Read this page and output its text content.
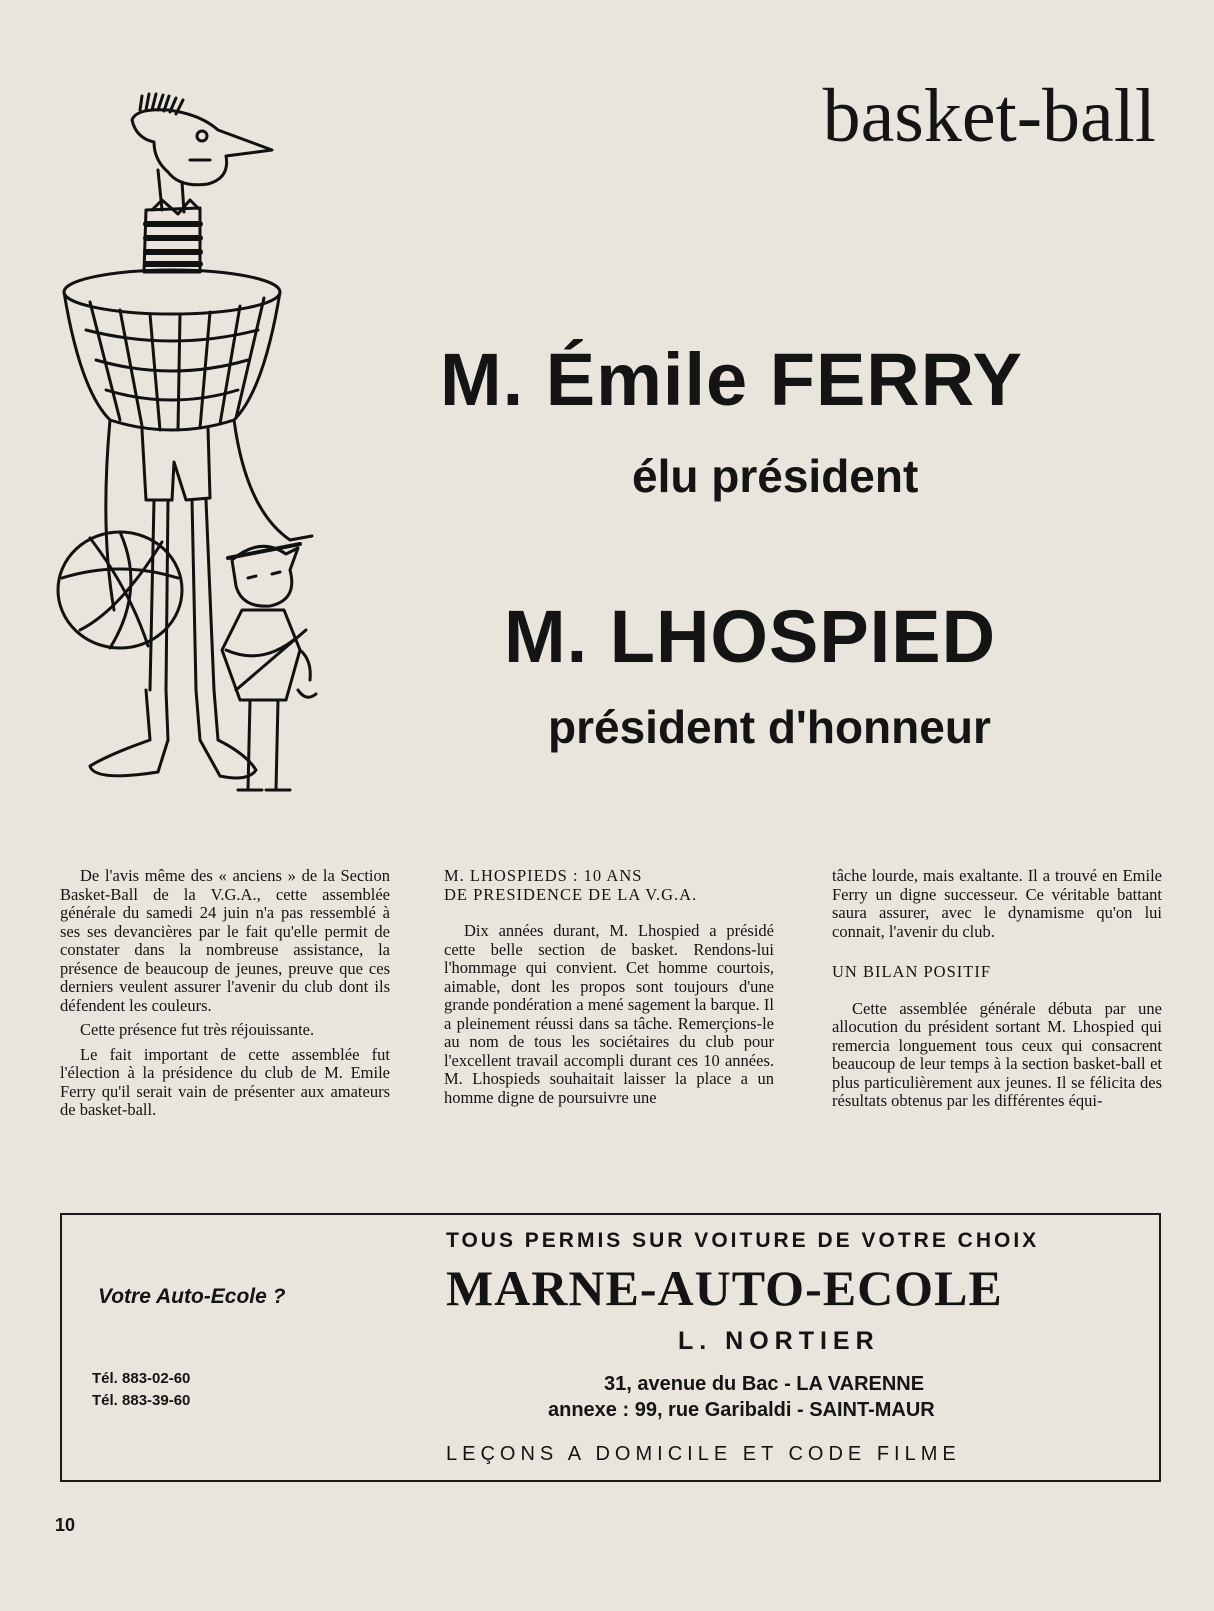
basket-ball
M. Émile FERRY
élu président
M. LHOSPIED
président d'honneur

De l'avis même des « anciens » de la Section Basket-Ball de la V.G.A., cette assemblée générale du samedi 24 juin n'a pas ressemblé à ses ses devancières par le fait qu'elle permit de constater dans la nombreuse assistance, la présence de beaucoup de jeunes, preuve que ces derniers veulent assurer l'avenir du club dont ils défendent les couleurs.

Cette présence fut très réjouissante.

Le fait important de cette assemblée fut l'élection à la présidence du club de M. Emile Ferry qu'il serait vain de présenter aux amateurs de basket-ball.

M. LHOSPIEDS : 10 ANS

DE PRESIDENCE DE LA V.G.A.

Dix années durant, M. Lhospied a présidé cette belle section de basket. Rendons-lui l'hommage qui convient. Cet homme courtois, aimable, dont les propos sont toujours d'une grande pondération a mené sagement la barque. Il a pleinement réussi dans sa tâche. Remerçions-le au nom de tous les sociétaires du club pour l'excellent travail accompli durant ces 10 années. M. Lhospieds souhaitait laisser la place a un homme digne de poursuivre une

tâche lourde, mais exaltante. Il a trouvé en Emile Ferry un digne successeur. Ce véritable battant saura assurer, avec le dynamisme qu'on lui connait, l'avenir du club.

UN BILAN POSITIF

Cette assemblée générale débuta par une allocution du président sortant M. Lhospied qui remercia longuement tous ceux qui consacrent beaucoup de leur temps à la section basket-ball et plus particulièrement aux jeunes. Il se félicita des résultats obtenus par les différentes équi-

Votre Auto-Ecole ?
Tél. 883-02-60
Tél. 883-39-60
TOUS PERMIS SUR VOITURE DE VOTRE CHOIX
MARNE-AUTO-ECOLE
L. NORTIER
31, avenue du Bac - LA VARENNE
annexe : 99, rue Garibaldi - SAINT-MAUR
LEÇONS A DOMICILE ET CODE FILME
10
